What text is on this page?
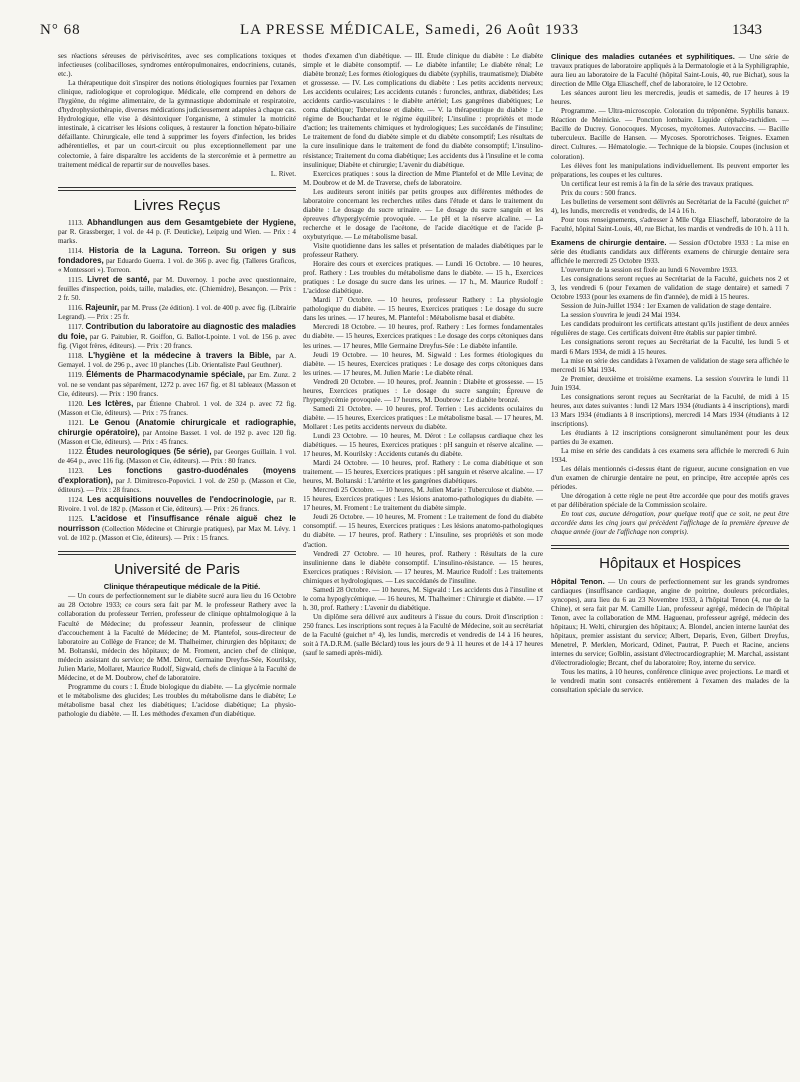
N° 68	LA PRESSE MÉDICALE, Samedi, 26 Août 1933	1343

ses réactions séreuses de périviscérites, avec ses complications toxiques et infectieuses (colibacilloses, syndromes entéropulmonaires, endocriniens, cutanés, etc.).

La thérapeutique doit s'inspirer des notions étiologiques fournies par l'examen clinique, radiologique et coprologique. Médicale, elle comprend en dehors de l'hygiène, du régime alimentaire, de la gymnastique abdominale et respiratoire, d'hydrophysiothérapie, diverses médications judicieusement adaptées à chaque cas. Hydrologique, elle vise à désintoxiquer l'organisme, à stimuler la motricité intestinale, à cicatriser les lésions coliques, à restaurer la fonction hépato-biliaire défaillante. Chirurgicale, elle tend à supprimer les foyers d'infection, les brides adhérentielles, et par un court-circuit ou plus exceptionnellement par une colectomie, à faire disparaître les accidents de la stercorémie et à permettre au traitement médical de repartir sur de nouvelles bases.

L. Rivet.

Livres Reçus

1113. Abhandlungen aus dem Gesamtgebiete der Hygiene, par R. Grassberger, 1 vol. de 44 p. (F. Deuticke), Leipzig und Wien. — Prix : 4 marks.

1114. Historia de la Laguna. Torreon. Su origen y sus fondadores, par Eduardo Guerra. 1 vol. de 366 p. avec fig. (Talleres Graficos, « Montessori »). Torreon.

1115. Livret de santé, par M. Duvernoy. 1 poche avec questionnaire, feuilles d'inspection, poids, taille, maladies, etc. (Chiemidre), Besançon. — Prix : 2 fr. 50.

1116. Rajeunir, par M. Pruss (2e édition). 1 vol. de 400 p. avec fig. (Librairie Legrand). — Prix : 25 fr.

1117. Contribution du laboratoire au diagnostic des maladies du foie, par G. Paitubier, R. Goiffon, G. Ballot-Lpointe. 1 vol. de 156 p. avec fig. (Vigot frères, éditeurs). — Prix : 20 francs.

1118. L'hygiène et la médecine à travers la Bible, par A. Gemayel. 1 vol. de 296 p., avec 10 planches (Lib. Orientaliste Paul Geuthner).

1119. Éléments de Pharmacodynamie spéciale, par Em. Zunz. 2 vol. ne se vendant pas séparément, 1272 p. avec 167 fig. et 81 tableaux (Masson et Cie, éditeurs). — Prix : 190 francs.

1120. Les Ictères, par Étienne Chabrol. 1 vol. de 324 p. avec 72 fig. (Masson et Cie, éditeurs). — Prix : 75 francs.

1121. Le Genou (Anatomie chirurgicale et radiographie, chirurgie opératoire), par Antoine Basset. 1 vol. de 192 p. avec 120 fig. (Masson et Cie, éditeurs). — Prix : 45 francs.

1122. Études neurologiques (5e série), par Georges Guillain. 1 vol. de 464 p., avec 116 fig. (Masson et Cie, éditeurs). — Prix : 80 francs.

1123. Les fonctions gastro-duodénales (moyens d'exploration), par J. Dimitresco-Popovici. 1 vol. de 250 p. (Masson et Cie, éditeurs). — Prix : 28 francs.

1124. Les acquisitions nouvelles de l'endocrinologie, par R. Rivoire. 1 vol. de 182 p. (Masson et Cie, éditeurs). — Prix : 26 francs.

1125. L'acidose et l'insuffisance rénale aiguë chez le nourrisson (Collection Médecine et Chirurgie pratiques), par Max M. Lévy. 1 vol. de 102 p. (Masson et Cie, éditeurs). — Prix : 15 francs.

Université de Paris

Clinique thérapeutique médicale de la Pitié.

— Un cours de perfectionnement sur le diabète sucré aura lieu du 16 Octobre au 28 Octobre 1933; ce cours sera fait par M. le professeur Rathery avec la collaboration du professeur Terrien, professeur de clinique ophtalmologique à la Faculté de Médecine; du professeur Jeannin, professeur de clinique d'accouchement à la Faculté de Médecine; de M. Plantefol, sous-directeur de laboratoire au Collège de France; de M. Thalheimer, chirurgien des hôpitaux; de M. Boltanski, médecin des hôpitaux; de M. Froment, ancien chef de clinique, médecin assistant du service; de MM. Dérot, Germaine Dreyfus-Sée, Kourilsky, Julien Marie, Mollaret, Maurice Rudolf, Sigwald, chefs de clinique à la Faculté de Médecine, et de M. Doubrow, chef de laboratoire.

Programme du cours : I. Étude biologique du diabète. — La glycémie normale et le métabolisme des glucides; Les troubles du métabolisme dans le diabète; Le métabolisme basal chez les diabétiques; L'acidose diabétique; La physio-pathologie du diabète. — II. Les méthodes d'examen d'un diabétique.

thodes d'examen d'un diabétique. — III. Étude clinique du diabète : Le diabète simple et le diabète consomptif. — Le diabète infantile; Le diabète rénal; Le diabète bronzé; Les formes étiologiques du diabète (syphilis, traumatisme); Diabète et grossesse. — IV. Les complications du diabète : Les petits accidents nerveux; Les accidents oculaires; Les accidents cutanés : furoncles, anthrax, diabétides; Les accidents cardio-vasculaires : le diabète artériel; Les gangrènes diabétiques; Le coma diabétique; Tuberculose et diabète. — V. la thérapeutique du diabète : Le régime de Bouchardat et le régime équilibré; L'insuline : propriétés et mode d'action; les traitements chimiques et hydrologiques; Les succédanés de l'insuline; Le traitement de fond du diabète simple et du diabète consomptif; Les résultats de la cure insulinique dans le traitement de fond du diabète consomptif; L'insulino-résistance; Traitement du coma diabétique; Les accidents dus à l'insuline et le coma insulinique; Diabète et chirurgie; L'avenir du diabétique.

Exercices pratiques : sous la direction de Mme Plantefol et de Mlle Levina; de M. Doubrow et de M. de Traverse, chefs de laboratoire.

Les auditeurs seront initiés par petits groupes aux différentes méthodes de laboratoire concernant les recherches utiles dans l'étude et dans le traitement du diabète : Le dosage du sucre urinaire. — Le dosage du sucre sanguin et les épreuves d'hyperglycémie provoquée. — Le pH et la réserve alcaline. — La recherche et le dosage de l'acétone, de l'acide diacétique et de l'acide β-oxybutyrique. — Le métabolisme basal.

Visite quotidienne dans les salles et présentation de malades diabétiques par le professeur Rathery.

Horaire des cours et exercices pratiques. — Lundi 16 Octobre. — 10 heures, prof. Rathery : Les troubles du métabolisme dans le diabète. — 15 h., Exercices pratiques : Le dosage du sucre dans les urines. — 17 h., M. Maurice Rudolf : L'acidose diabétique.

Mardi 17 Octobre. — 10 heures, professeur Rathery : La physiologie pathologique du diabète. — 15 heures, Exercices pratiques : Le dosage du sucre dans les urines. — 17 heures, M. Plantefol : Métabolisme basal et diabète.

Mercredi 18 Octobre. — 10 heures, prof. Rathery : Les formes fondamentales du diabète. — 15 heures, Exercices pratiques : Le dosage des corps cétoniques dans les urines. — 17 heures, Mlle Germaine Dreyfus-Sée : Le diabète infantile.

Jeudi 19 Octobre. — 10 heures, M. Sigwald : Les formes étiologiques du diabète. — 15 heures, Exercices pratiques : Le dosage des corps cétoniques dans les urines. — 17 heures, M. Julien Marie : Le diabète rénal.

Vendredi 20 Octobre. — 10 heures, prof. Jeannin : Diabète et grossesse. — 15 heures, Exercices pratiques : Le dosage du sucre sanguin; Épreuve de l'hyperglycémie provoquée. — 17 heures, M. Doubrow : Le diabète bronzé.

Samedi 21 Octobre. — 10 heures, prof. Terrien : Les accidents oculaires du diabète. — 15 heures, Exercices pratiques : Le métabolisme basal. — 17 heures, M. Mollaret : Les petits accidents nerveux du diabète.

Lundi 23 Octobre. — 10 heures, M. Dérot : Le collapsus cardiaque chez les diabétiques. — 15 heures, Exercices pratiques : pH sanguin et réserve alcaline. — 17 heures, M. Kourilsky : Accidents cutanés du diabète.

Mardi 24 Octobre. — 10 heures, prof. Rathery : Le coma diabétique et son traitement. — 15 heures, Exercices pratiques : pH sanguin et réserve alcaline. — 17 heures, M. Boltanski : L'artérite et les gangrènes diabétiques.

Mercredi 25 Octobre. — 10 heures, M. Julien Marie : Tuberculose et diabète. — 15 heures, Exercices pratiques : Les lésions anatomo-pathologiques du diabète. — 17 heures, M. Froment : Le traitement du diabète simple.

Jeudi 26 Octobre. — 10 heures, M. Froment : Le traitement de fond du diabète consomptif. — 15 heures, Exercices pratiques : Les lésions anatomo-pathologiques du diabète. — 17 heures, prof. Rathery : L'insuline, ses propriétés et son mode d'action.

Vendredi 27 Octobre. — 10 heures, prof. Rathery : Résultats de la cure insulinienne dans le diabète consomptif. L'insulino-résistance. — 15 heures, Exercices pratiques : Révision. — 17 heures, M. Maurice Rudolf : Les traitements chimiques et hydrologiques. — Les succédanés de l'insuline.

Samedi 28 Octobre. — 10 heures, M. Sigwald : Les accidents dus à l'insuline et le coma hypoglycémique. — 16 heures, M. Thalheimer : Chirurgie et diabète. — 17 h. 30, prof. Rathery : L'avenir du diabétique.

Un diplôme sera délivré aux auditeurs à l'issue du cours. Droit d'inscription : 250 francs. Les inscriptions sont reçues à la Faculté de Médecine, soit au secrétariat de la Faculté (guichet n° 4), les lundis, mercredis et vendredis de 14 à 16 heures, soit à l'A.D.R.M. (salle Béclard) tous les jours de 9 à 11 heures et de 14 à 17 heures (sauf le samedi après-midi).

Clinique des maladies cutanées et syphilitiques. — Une série de travaux pratiques de laboratoire appliqués à la Dermatologie et à la Syphiligraphie, aura lieu au laboratoire de la Faculté (hôpital Saint-Louis, 40, rue Bichat), sous la direction de Mlle Olga Eliascheff, chef de laboratoire, le 12 Octobre.

Les séances auront lieu les mercredis, jeudis et samedis, de 17 heures à 19 heures.

Programme. — Ultra-microscopie. Coloration du tréponème. Syphilis banaux. Réaction de Meinicke. — Ponction lombaire. Liquide céphalo-rachidien. — Bacille de Ducrey. Gonocoques. Mycoses, mycétomes. Autovaccins. — Bacille tuberculeux. Bacille de Hansen. — Mycoses. Sporotrichoses. Teignes. Examen direct. Cultures. — Hématologie. — Technique de la biopsie. Coupes (inclusion et coloration).

Les élèves font les manipulations individuellement. Ils peuvent emporter les préparations, les coupes et les cultures.

Un certificat leur est remis à la fin de la série des travaux pratiques.

Prix du cours : 500 francs.

Les bulletins de versement sont délivrés au Secrétariat de la Faculté (guichet n° 4), les lundis, mercredis et vendredis, de 14 à 16 h.

Pour tous renseignements, s'adresser à Mlle Olga Eliascheff, laboratoire de la Faculté, hôpital Saint-Louis, 40, rue Bichat, les mardis et vendredis de 10 h. à 11 h.

Examens de chirurgie dentaire. — Session d'Octobre 1933 : La mise en série des étudiants candidats aux différents examens de chirurgie dentaire sera affichée le mercredi 25 Octobre 1933.

L'ouverture de la session est fixée au lundi 6 Novembre 1933.

Les consignations seront reçues au Secrétariat de la Faculté, guichets nos 2 et 3, les vendredi 6 (pour l'examen de validation de stage dentaire) et samedi 7 Octobre 1933 (pour les examens de fin d'année), de midi à 15 heures.

Session de Juin-Juillet 1934 : 1er Examen de validation de stage dentaire.

La session s'ouvrira le jeudi 24 Mai 1934.

Les candidats produiront les certificats attestant qu'ils justifient de deux années régulières de stage. Ces certificats doivent être établis sur papier timbré.

Les consignations seront reçues au Secrétariat de la Faculté, les lundi 5 et mardi 6 Mars 1934, de midi à 15 heures.

La mise en série des candidats à l'examen de validation de stage sera affichée le mercredi 16 Mai 1934.

2e Premier, deuxième et troisième examens. La session s'ouvrira le lundi 11 Juin 1934.

Les consignations seront reçues au Secrétariat de la Faculté, de midi à 15 heures, aux dates suivantes : lundi 12 Mars 1934 (étudiants à 4 inscriptions), mardi 13 Mars 1934 (étudiants à 8 inscriptions), mercredi 14 Mars 1934 (étudiants à 12 inscriptions).

Les étudiants à 12 inscriptions consigneront simultanément pour les deux parties du 3e examen.

La mise en série des candidats à ces examens sera affichée le mercredi 6 Juin 1934.

Les délais mentionnés ci-dessus étant de rigueur, aucune consignation en vue d'un examen de chirurgie dentaire ne peut, en principe, être acceptée après ces périodes.

Une dérogation à cette règle ne peut être accordée que pour des motifs graves et par délibération spéciale de la Commission scolaire.

En tout cas, aucune dérogation, pour quelque motif que ce soit, ne peut être accordée dans les cinq jours qui précèdent l'affichage de la première épreuve de chaque année (jour de l'affichage non compris).

Hôpitaux et Hospices

Hôpital Tenon. — Un cours de perfectionnement sur les grands syndromes cardiaques (insuffisance cardiaque, angine de poitrine, douleurs précordiales, syncopes), aura lieu du 6 au 23 Novembre 1933, à l'hôpital Tenon (4, rue de la Chine), et sera fait par M. Camille Lian, professeur agrégé, médecin de l'hôpital Tenon, avec la collaboration de MM. Haguenau, professeur agrégé, médecin des hôpitaux; H. Welti, chirurgien des hôpitaux; A. Blondel, ancien interne lauréat des hôpitaux, premier assistant du service; Albert, Deparis, Even, Gilbert Dreyfus, Menetrel, P. Merklen, Moricard, Odinet, Pautrat, P. Puech et Racine, anciens internes du service; Golblin, assistant d'électrocardiographie; M. Marchal, assistant d'électroradiologie; Brcant, chef du laboratoire; Roy, interne du service.

Tous les matins, à 10 heures, conférence clinique avec projections. Le mardi et le vendredi matin sont consacrés entièrement à l'examen des malades de la consultation spéciale du service.
